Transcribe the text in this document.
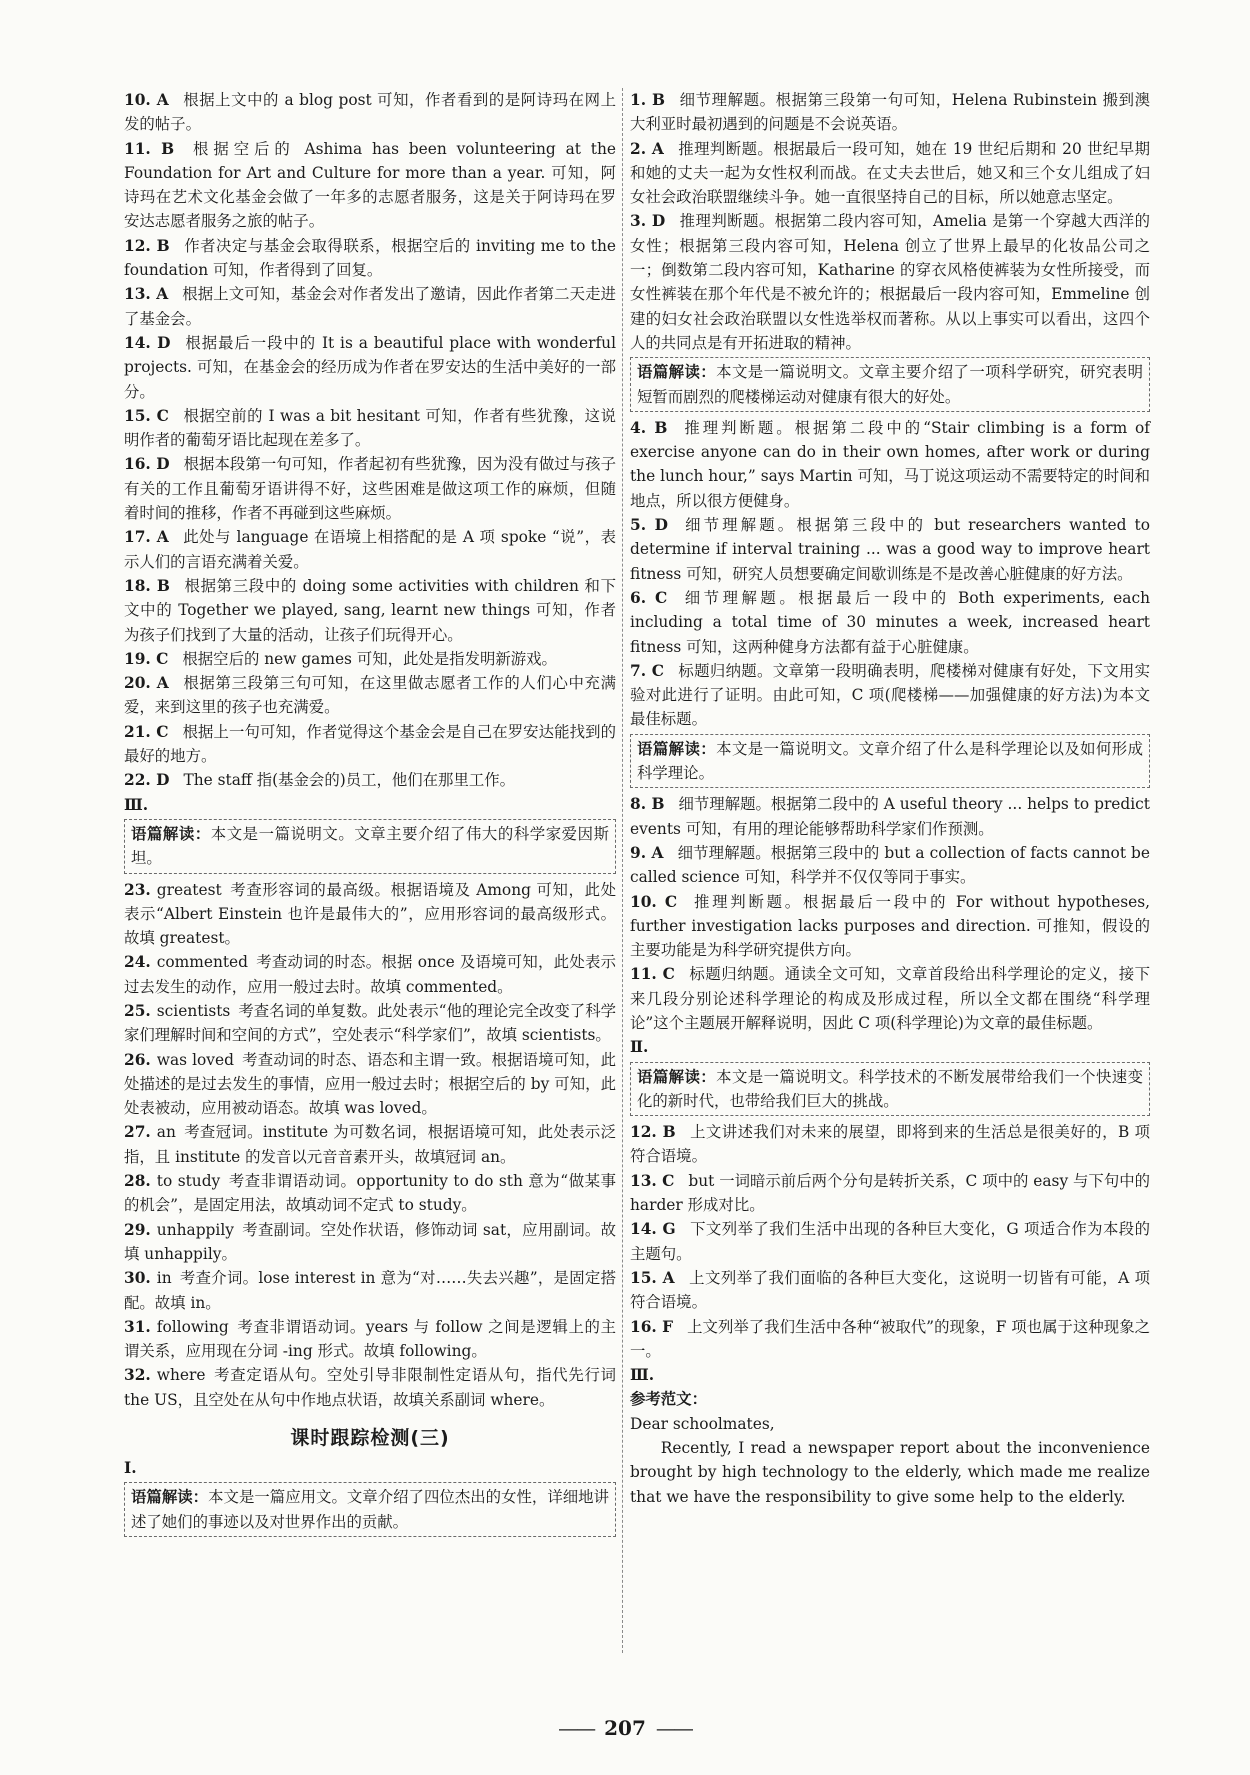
10. A 根据上文中的 a blog post 可知，作者看到的是阿诗玛在网上发的帖子。

11. B 根据空后的 Ashima has been volunteering at the Foundation for Art and Culture for more than a year. 可知，阿诗玛在艺术文化基金会做了一年多的志愿者服务，这是关于阿诗玛在罗安达志愿者服务之旅的帖子。

12. B 作者决定与基金会取得联系，根据空后的 inviting me to the foundation 可知，作者得到了回复。

13. A 根据上文可知，基金会对作者发出了邀请，因此作者第二天走进了基金会。

14. D 根据最后一段中的 It is a beautiful place with wonderful projects. 可知，在基金会的经历成为作者在罗安达的生活中美好的一部分。

15. C 根据空前的 I was a bit hesitant 可知，作者有些犹豫，这说明作者的葡萄牙语比起现在差多了。

16. D 根据本段第一句可知，作者起初有些犹豫，因为没有做过与孩子有关的工作且葡萄牙语讲得不好，这些困难是做这项工作的麻烦，但随着时间的推移，作者不再碰到这些麻烦。

17. A 此处与 language 在语境上相搭配的是 A 项 spoke “说”，表示人们的言语充满着关爱。

18. B 根据第三段中的 doing some activities with children 和下文中的 Together we played, sang, learnt new things 可知，作者为孩子们找到了大量的活动，让孩子们玩得开心。

19. C 根据空后的 new games 可知，此处是指发明新游戏。

20. A 根据第三段第三句可知，在这里做志愿者工作的人们心中充满爱，来到这里的孩子也充满爱。

21. C 根据上一句可知，作者觉得这个基金会是自己在罗安达能找到的最好的地方。

22. D The staff 指(基金会的)员工，他们在那里工作。

Ⅲ.
语篇解读：本文是一篇说明文。文章主要介绍了伟大的科学家爱因斯坦。

23. greatest 考查形容词的最高级。根据语境及 Among 可知，此处表示“Albert Einstein 也许是最伟大的”，应用形容词的最高级形式。故填 greatest。

24. commented 考查动词的时态。根据 once 及语境可知，此处表示过去发生的动作，应用一般过去时。故填 commented。

25. scientists 考查名词的单复数。此处表示“他的理论完全改变了科学家们理解时间和空间的方式”，空处表示“科学家们”，故填 scientists。

26. was loved 考查动词的时态、语态和主谓一致。根据语境可知，此处描述的是过去发生的事情，应用一般过去时；根据空后的 by 可知，此处表被动，应用被动语态。故填 was loved。

27. an 考查冠词。institute 为可数名词，根据语境可知，此处表示泛指，且 institute 的发音以元音音素开头，故填冠词 an。

28. to study 考查非谓语动词。opportunity to do sth 意为“做某事的机会”，是固定用法，故填动词不定式 to study。

29. unhappily 考查副词。空处作状语，修饰动词 sat，应用副词。故填 unhappily。

30. in 考查介词。lose interest in 意为“对……失去兴趣”，是固定搭配。故填 in。

31. following 考查非谓语动词。years 与 follow 之间是逻辑上的主谓关系，应用现在分词 -ing 形式。故填 following。

32. where 考查定语从句。空处引导非限制性定语从句，指代先行词 the US，且空处在从句中作地点状语，故填关系副词 where。

课时跟踪检测(三)
Ⅰ.
语篇解读：本文是一篇应用文。文章介绍了四位杰出的女性，详细地讲述了她们的事迹以及对世界作出的贡献。

1. B 细节理解题。根据第三段第一句可知，Helena Rubinstein 搬到澳大利亚时最初遇到的问题是不会说英语。

2. A 推理判断题。根据最后一段可知，她在 19 世纪后期和 20 世纪早期和她的丈夫一起为女性权利而战。在丈夫去世后，她又和三个女儿组成了妇女社会政治联盟继续斗争。她一直很坚持自己的目标，所以她意志坚定。

3. D 推理判断题。根据第二段内容可知，Amelia 是第一个穿越大西洋的女性；根据第三段内容可知，Helena 创立了世界上最早的化妆品公司之一；倒数第二段内容可知，Katharine 的穿衣风格使裤装为女性所接受，而女性裤装在那个年代是不被允许的；根据最后一段内容可知，Emmeline 创建的妇女社会政治联盟以女性选举权而著称。从以上事实可以看出，这四个人的共同点是有开拓进取的精神。

语篇解读：本文是一篇说明文。文章主要介绍了一项科学研究，研究表明短暂而剧烈的爬楼梯运动对健康有很大的好处。

4. B 推理判断题。根据第二段中的“Stair climbing is a form of exercise anyone can do in their own homes, after work or during the lunch hour,” says Martin 可知，马丁说这项运动不需要特定的时间和地点，所以很方便健身。

5. D 细节理解题。根据第三段中的 but researchers wanted to determine if interval training ... was a good way to improve heart fitness 可知，研究人员想要确定间歇训练是不是改善心脏健康的好方法。

6. C 细节理解题。根据最后一段中的 Both experiments, each including a total time of 30 minutes a week, increased heart fitness 可知，这两种健身方法都有益于心脏健康。

7. C 标题归纳题。文章第一段明确表明，爬楼梯对健康有好处，下文用实验对此进行了证明。由此可知，C 项(爬楼梯——加强健康的好方法)为本文最佳标题。

语篇解读：本文是一篇说明文。文章介绍了什么是科学理论以及如何形成科学理论。

8. B 细节理解题。根据第二段中的 A useful theory ... helps to predict events 可知，有用的理论能够帮助科学家们作预测。

9. A 细节理解题。根据第三段中的 but a collection of facts cannot be called science 可知，科学并不仅仅等同于事实。

10. C 推理判断题。根据最后一段中的 For without hypotheses, further investigation lacks purposes and direction. 可推知，假设的主要功能是为科学研究提供方向。

11. C 标题归纳题。通读全文可知，文章首段给出科学理论的定义，接下来几段分别论述科学理论的构成及形成过程，所以全文都在围绕“科学理论”这个主题展开解释说明，因此 C 项(科学理论)为文章的最佳标题。

Ⅱ.
语篇解读：本文是一篇说明文。科学技术的不断发展带给我们一个快速变化的新时代，也带给我们巨大的挑战。

12. B 上文讲述我们对未来的展望，即将到来的生活总是很美好的，B 项符合语境。

13. C but 一词暗示前后两个分句是转折关系，C 项中的 easy 与下句中的 harder 形成对比。

14. G 下文列举了我们生活中出现的各种巨大变化，G 项适合作为本段的主题句。

15. A 上文列举了我们面临的各种巨大变化，这说明一切皆有可能，A 项符合语境。

16. F 上文列举了我们生活中各种“被取代”的现象，F 项也属于这种现象之一。

Ⅲ.
参考范文：

Dear schoolmates,

Recently, I read a newspaper report about the inconvenience brought by high technology to the elderly, which made me realize that we have the responsibility to give some help to the elderly.

—— 207 ——
